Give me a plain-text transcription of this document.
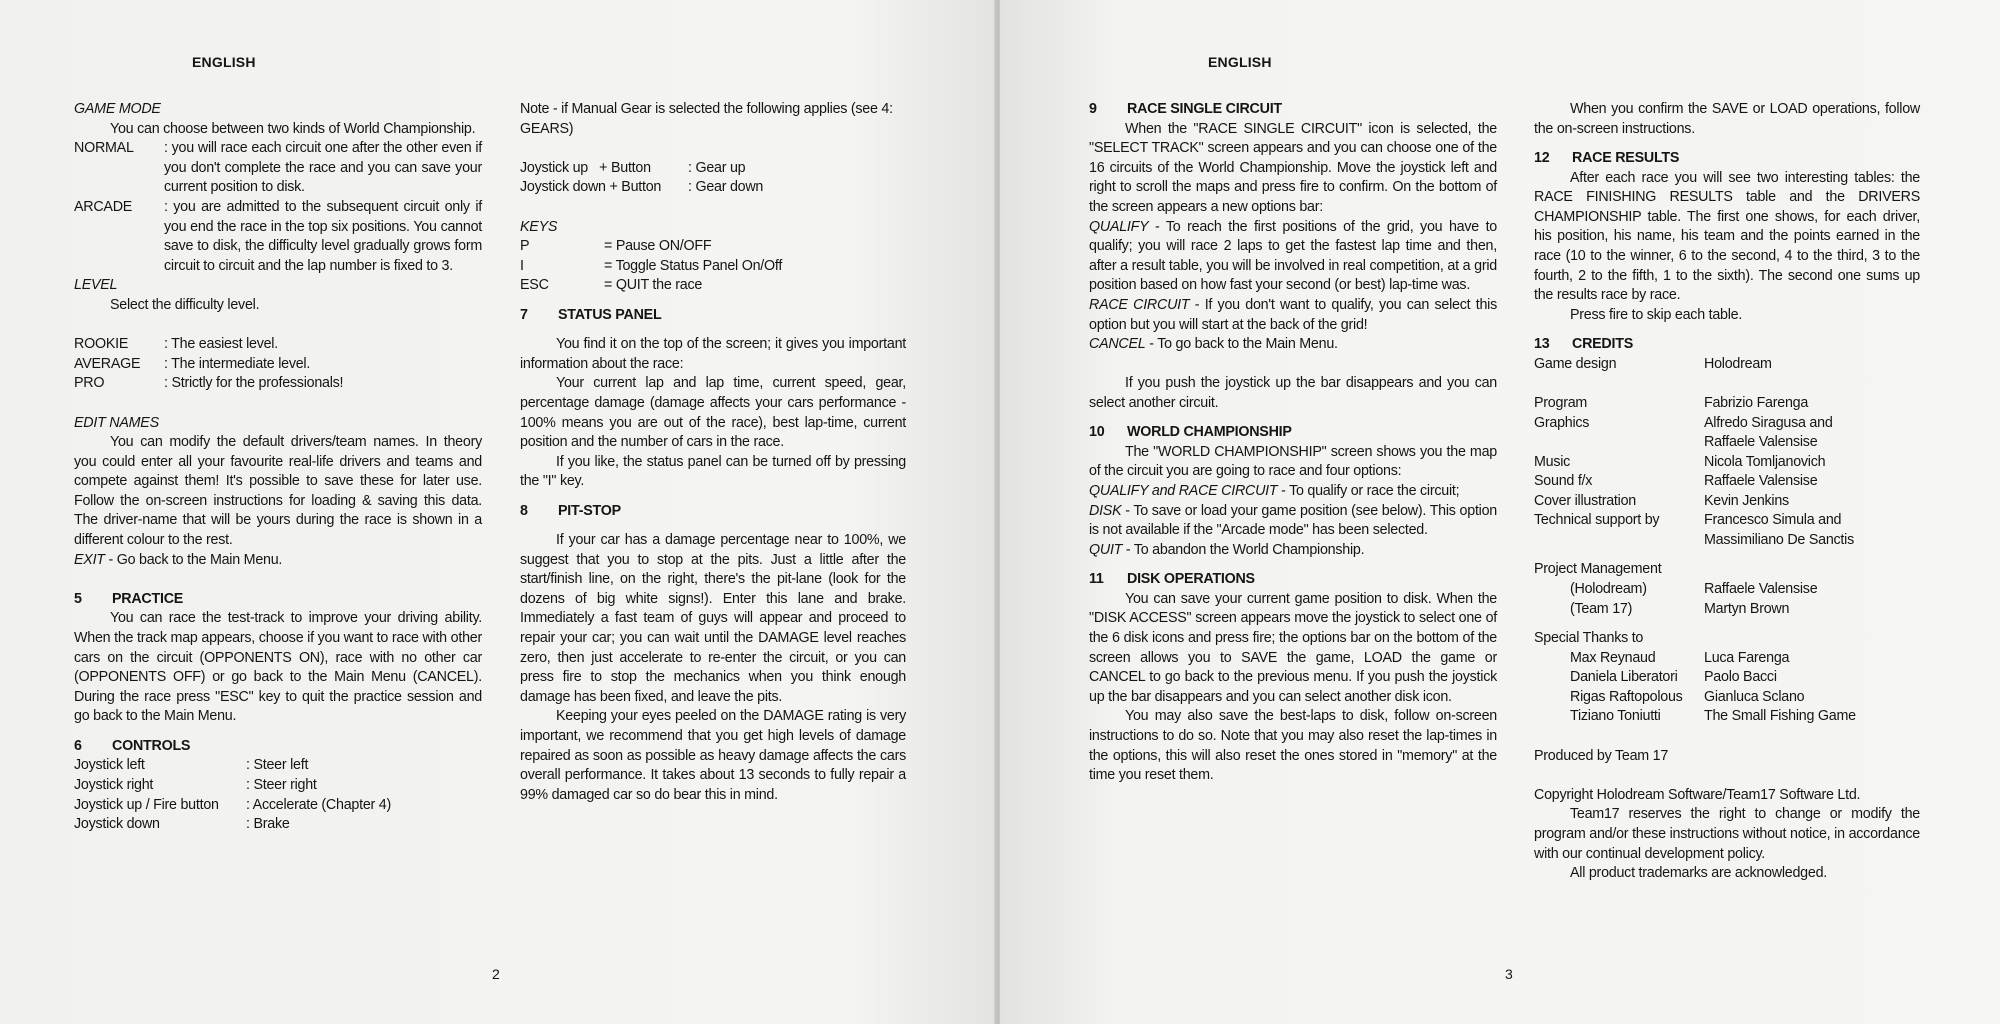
ENGLISH

GAME MODE

You can choose between two kinds of World Championship.

NORMAL	: you will race each circuit one after the other even if you don't complete the race and you can save your current position to disk.
ARCADE	: you are admitted to the subsequent circuit only if you end the race in the top six positions. You cannot save to disk, the difficulty level gradually grows form circuit to circuit and the lap number is fixed to 3.

LEVEL

Select the difficulty level.

ROOKIE	: The easiest level.
AVERAGE	: The intermediate level.
PRO	: Strictly for the professionals!

EDIT NAMES

You can modify the default drivers/team names. In theory you could enter all your favourite real-life drivers and teams and compete against them! It's possible to save these for later use. Follow the on-screen instructions for loading & saving this data. The driver-name that will be yours during the race is shown in a different colour to the rest.

EXIT - Go back to the Main Menu.

5 PRACTICE

You can race the test-track to improve your driving ability. When the track map appears, choose if you want to race with other cars on the circuit (OPPONENTS ON), race with no other car (OPPONENTS OFF) or go back to the Main Menu (CANCEL). During the race press "ESC" key to quit the practice session and go back to the Main Menu.

6 CONTROLS

Joystick left	: Steer left
Joystick right	: Steer right
Joystick up / Fire button	: Accelerate (Chapter 4)
Joystick down	: Brake

Note - if Manual Gear is selected the following applies (see 4: GEARS)

Joystick up   + Button	: Gear up
Joystick down + Button	: Gear down

KEYS

P	= Pause ON/OFF
I	= Toggle Status Panel On/Off
ESC	= QUIT the race

7 STATUS PANEL

You find it on the top of the screen; it gives you important information about the race:

Your current lap and lap time, current speed, gear, percentage damage (damage affects your cars performance - 100% means you are out of the race), best lap-time, current position and the number of cars in the race.

If you like, the status panel can be turned off by pressing the "I" key.

8 PIT-STOP

If your car has a damage percentage near to 100%, we suggest that you to stop at the pits. Just a little after the start/finish line, on the right, there's the pit-lane (look for the dozens of big white signs!). Enter this lane and brake. Immediately a fast team of guys will appear and proceed to repair your car; you can wait until the DAMAGE level reaches zero, then just accelerate to re-enter the circuit, or you can press fire to stop the mechanics when you think enough damage has been fixed, and leave the pits.

Keeping your eyes peeled on the DAMAGE rating is very important, we recommend that you get high levels of damage repaired as soon as possible as heavy damage affects the cars overall performance. It takes about 13 seconds to fully repair a 99% damaged car so do bear this in mind.

2
ENGLISH

9 RACE SINGLE CIRCUIT

When the "RACE SINGLE CIRCUIT" icon is selected, the "SELECT TRACK" screen appears and you can choose one of the 16 circuits of the World Championship. Move the joystick left and right to scroll the maps and press fire to confirm. On the bottom of the screen appears a new options bar:

QUALIFY - To reach the first positions of the grid, you have to qualify; you will race 2 laps to get the fastest lap time and then, after a result table, you will be involved in real competition, at a grid position based on how fast your second (or best) lap-time was.

RACE CIRCUIT - If you don't want to qualify, you can select this option but you will start at the back of the grid!

CANCEL - To go back to the Main Menu.

If you push the joystick up the bar disappears and you can select another circuit.

10 WORLD CHAMPIONSHIP

The "WORLD CHAMPIONSHIP" screen shows you the map of the circuit you are going to race and four options:

QUALIFY and RACE CIRCUIT - To qualify or race the circuit;

DISK - To save or load your game position (see below). This option is not available if the "Arcade mode" has been selected.

QUIT - To abandon the World Championship.

11 DISK OPERATIONS

You can save your current game position to disk. When the "DISK ACCESS" screen appears move the joystick to select one of the 6 disk icons and press fire; the options bar on the bottom of the screen allows you to SAVE the game, LOAD the game or CANCEL to go back to the previous menu. If you push the joystick up the bar disappears and you can select another disk icon.

You may also save the best-laps to disk, follow on-screen instructions to do so. Note that you may also reset the lap-times in the options, this will also reset the ones stored in "memory" at the time you reset them.

When you confirm the SAVE or LOAD operations, follow the on-screen instructions.

12 RACE RESULTS

After each race you will see two interesting tables: the RACE FINISHING RESULTS table and the DRIVERS CHAMPIONSHIP table. The first one shows, for each driver, his position, his name, his team and the points earned in the race (10 to the winner, 6 to the second, 4 to the third, 3 to the fourth, 2 to the fifth, 1 to the sixth). The second one sums up the results race by race.

Press fire to skip each table.

13 CREDITS

Game design	Holodream
Program	Fabrizio Farenga
Graphics	Alfredo Siragusa and
Raffaele Valensise
Music	Nicola Tomljanovich
Sound f/x	Raffaele Valensise
Cover illustration	Kevin Jenkins
Technical support by	Francesco Simula and
Massimiliano De Sanctis

Project Management

(Holodream)	Raffaele Valensise
(Team 17)	Martyn Brown

Special Thanks to

Max Reynaud	Luca Farenga
Daniela Liberatori	Paolo Bacci
Rigas Raftopolous	Gianluca Sclano
Tiziano Toniutti	The Small Fishing Game

Produced by Team 17

Copyright Holodream Software/Team17 Software Ltd.

Team17 reserves the right to change or modify the program and/or these instructions without notice, in accordance with our continual development policy.

All product trademarks are acknowledged.

3
